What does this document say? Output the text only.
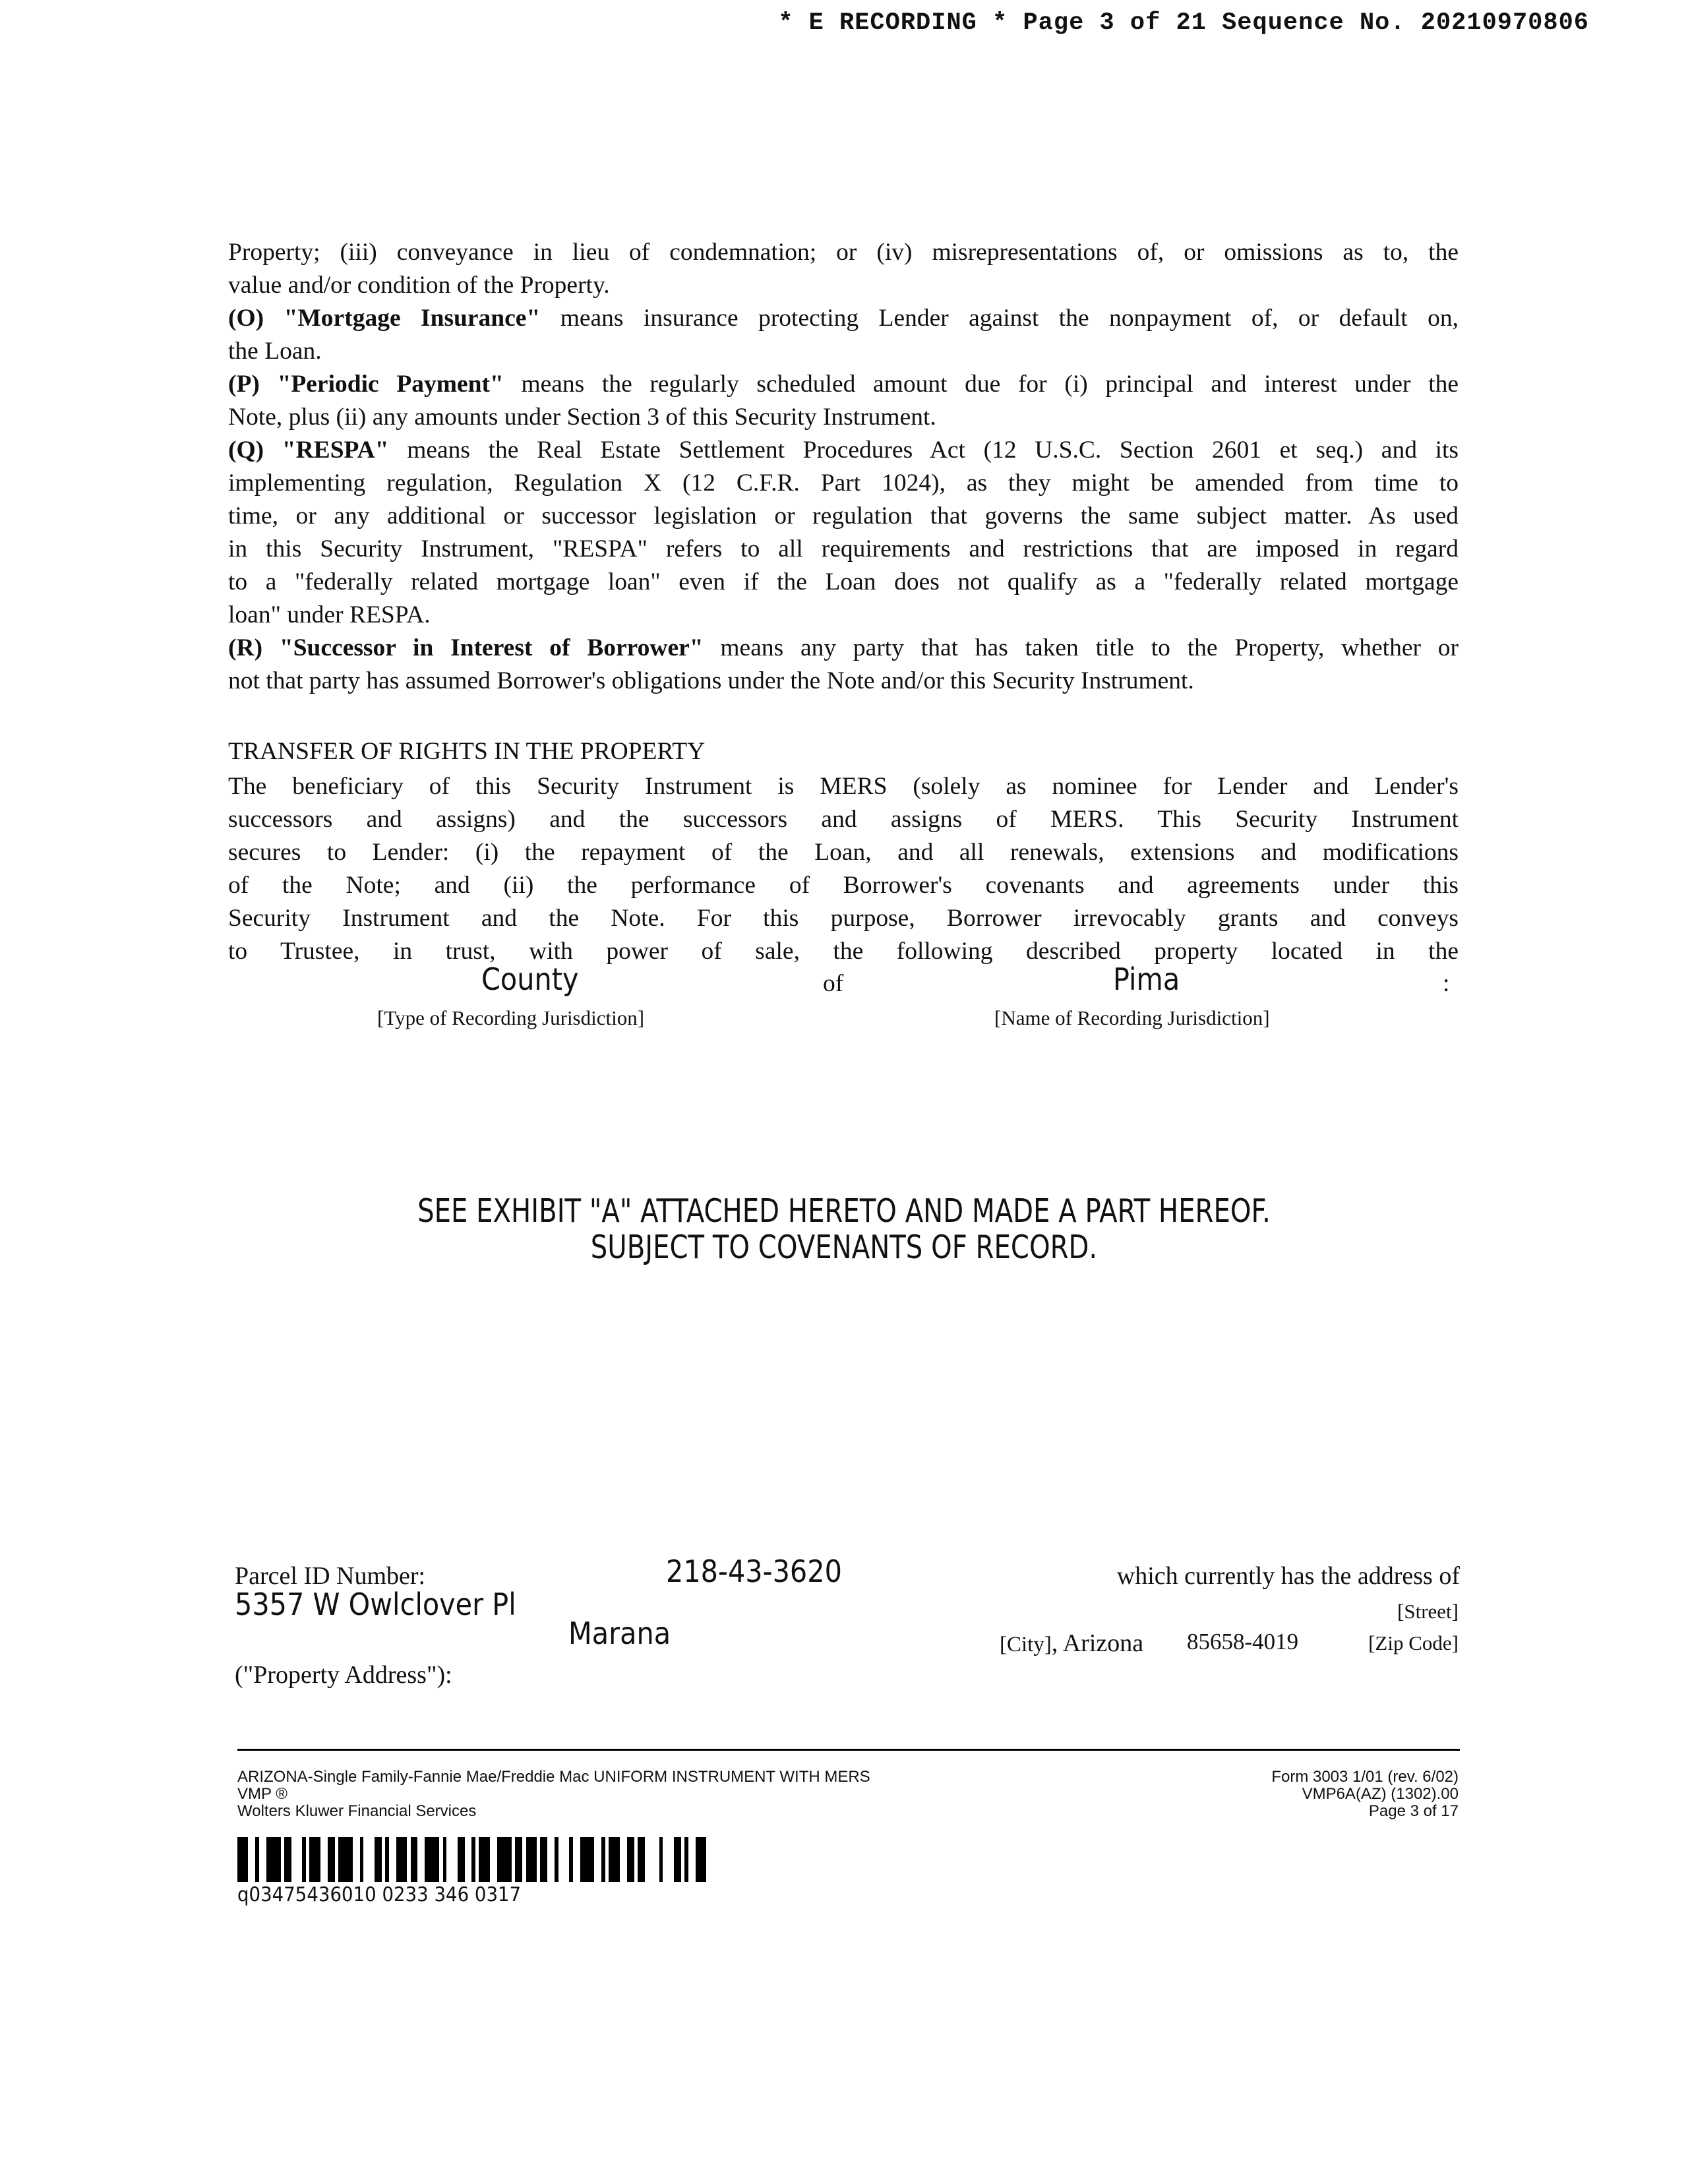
* E RECORDING * Page 3 of 21 Sequence No. 20210970806
Property; (iii) conveyance in lieu of condemnation; or (iv) misrepresentations of, or omissions as to, the
value and/or condition of the Property.
(O) "Mortgage Insurance" means insurance protecting Lender against the nonpayment of, or default on,
the Loan.
(P) "Periodic Payment" means the regularly scheduled amount due for (i) principal and interest under the
Note, plus (ii) any amounts under Section 3 of this Security Instrument.
(Q) "RESPA" means the Real Estate Settlement Procedures Act (12 U.S.C. Section 2601 et seq.) and its
implementing regulation, Regulation X (12 C.F.R. Part 1024), as they might be amended from time to
time, or any additional or successor legislation or regulation that governs the same subject matter. As used
in this Security Instrument, "RESPA" refers to all requirements and restrictions that are imposed in regard
to a "federally related mortgage loan" even if the Loan does not qualify as a "federally related mortgage
loan" under RESPA.
(R) "Successor in Interest of Borrower" means any party that has taken title to the Property, whether or
not that party has assumed Borrower's obligations under the Note and/or this Security Instrument.
TRANSFER OF RIGHTS IN THE PROPERTY
The beneficiary of this Security Instrument is MERS (solely as nominee for Lender and Lender's
successors and assigns) and the successors and assigns of MERS. This Security Instrument
secures to Lender: (i) the repayment of the Loan, and all renewals, extensions and modifications
of the Note; and (ii) the performance of Borrower's covenants and agreements under this
Security Instrument and the Note. For this purpose, Borrower irrevocably grants and conveys
to Trustee, in trust, with power of sale, the following described property located in the
County	of	Pima	:
[Type of Recording Jurisdiction]	[Name of Recording Jurisdiction]
SEE EXHIBIT "A" ATTACHED HERETO AND MADE A PART HEREOF.
SUBJECT TO COVENANTS OF RECORD.
Parcel ID Number:	218-43-3620	which currently has the address of
5357 W Owlclover Pl	[Street]
Marana	[City], Arizona 85658-4019	[Zip Code]
("Property Address"):
ARIZONA-Single Family-Fannie Mae/Freddie Mac UNIFORM INSTRUMENT WITH MERS
VMP ®
Wolters Kluwer Financial Services
Form 3003 1/01 (rev. 6/02)
VMP6A(AZ) (1302).00
Page 3 of 17
q03475436010 0233 346 0317
